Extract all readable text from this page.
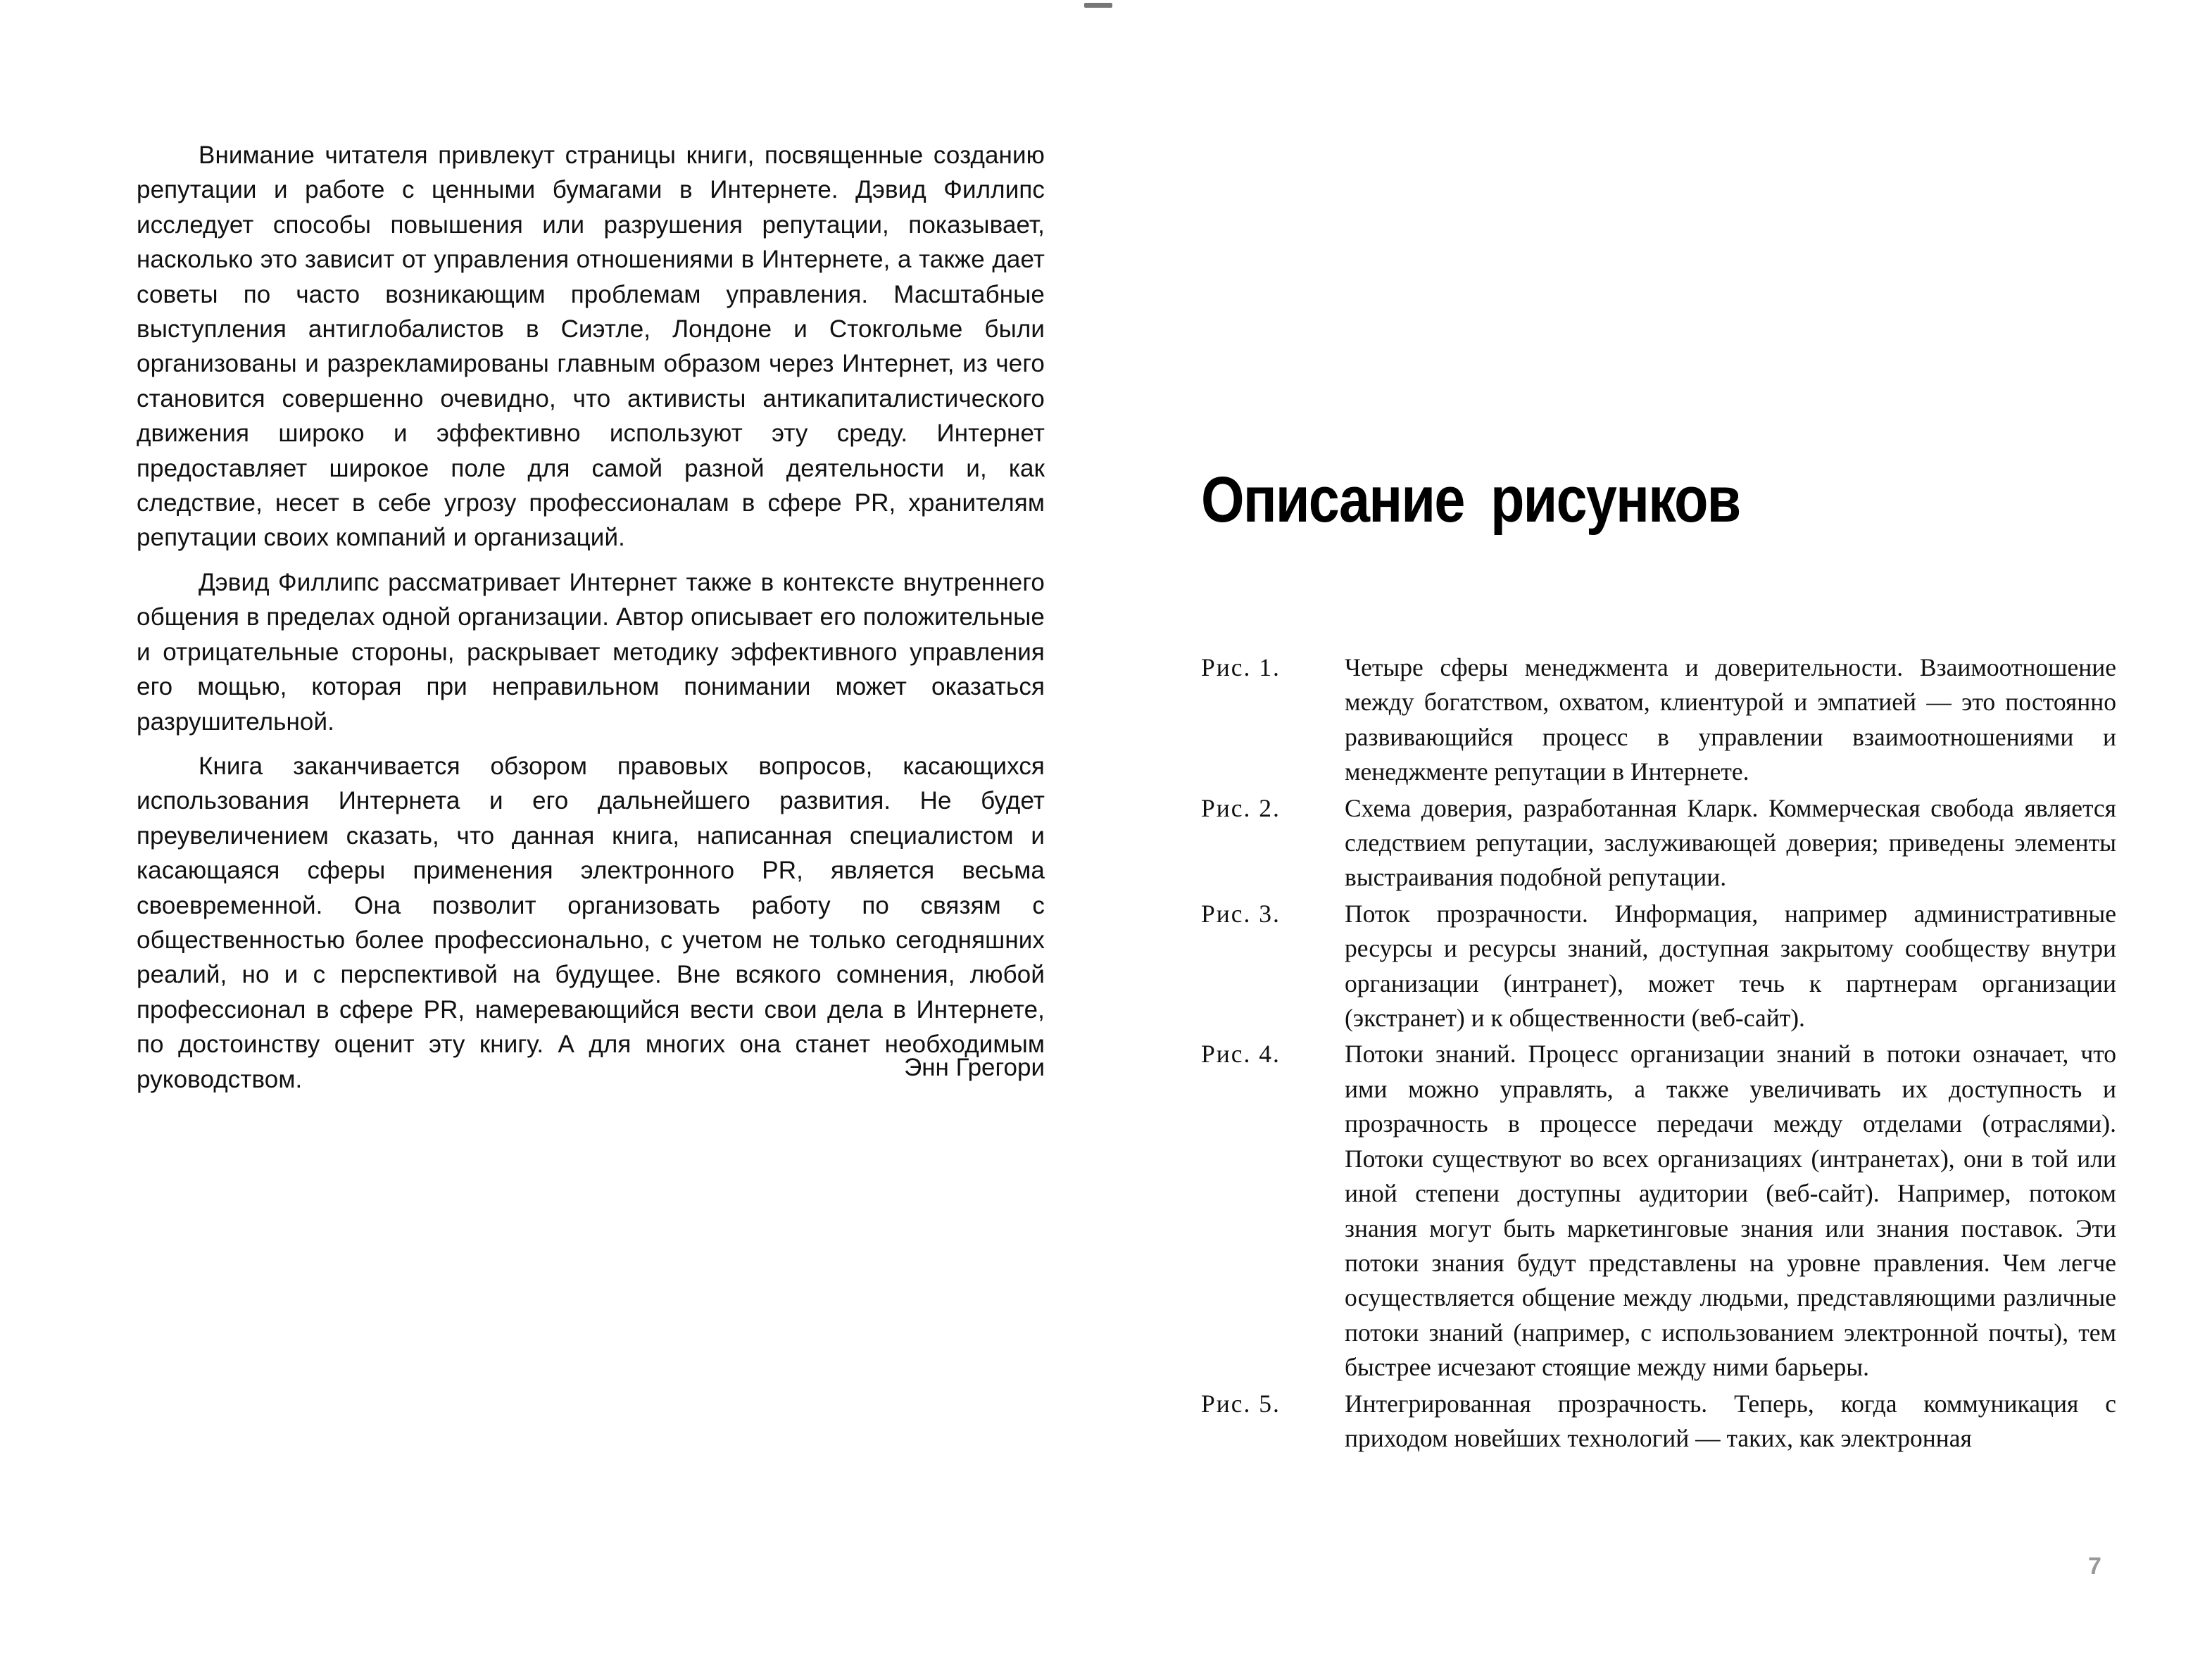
Внимание читателя привлекут страницы книги, посвященные созданию репутации и работе с ценными бумагами в Интернете. Дэвид Филлипс исследует способы повышения или разрушения репутации, показывает, насколько это зависит от управления отношениями в Интернете, а также дает советы по часто возникающим проблемам управления. Масштабные выступления антиглобалистов в Сиэтле, Лондоне и Стокгольме были организованы и разрекламированы главным образом через Интернет, из чего становится совершенно очевидно, что активисты антикапиталистического движения широко и эффективно используют эту среду. Интернет предоставляет широкое поле для самой разной деятельности и, как следствие, несет в себе угрозу профессионалам в сфере PR, хранителям репутации своих компаний и организаций.

Дэвид Филлипс рассматривает Интернет также в контексте внутреннего общения в пределах одной организации. Автор описывает его положительные и отрицательные стороны, раскрывает методику эффективного управления его мощью, которая при неправильном понимании может оказаться разрушительной.

Книга заканчивается обзором правовых вопросов, касающихся использования Интернета и его дальнейшего развития. Не будет преувеличением сказать, что данная книга, написанная специалистом и касающаяся сферы применения электронного PR, является весьма своевременной. Она позволит организовать работу по связям с общественностью более профессионально, с учетом не только сегодняшних реалий, но и с перспективой на будущее. Вне всякого сомнения, любой профессионал в сфере PR, намеревающийся вести свои дела в Интернете, по достоинству оценит эту книгу. А для многих она станет необходимым руководством.	Энн Грегори
Описание рисунков
Рис. 1.	Четыре сферы менеджмента и доверительности. Взаимоотношение между богатством, охватом, клиентурой и эмпатией — это постоянно развивающийся процесс в управлении взаимоотношениями и менеджменте репутации в Интернете.
Рис. 2.	Схема доверия, разработанная Кларк. Коммерческая свобода является следствием репутации, заслуживающей доверия; приведены элементы выстраивания подобной репутации.
Рис. 3.	Поток прозрачности. Информация, например административные ресурсы и ресурсы знаний, доступная закрытому сообществу внутри организации (интранет), может течь к партнерам организации (экстранет) и к общественности (веб-сайт).
Рис. 4.	Потоки знаний. Процесс организации знаний в потоки означает, что ими можно управлять, а также увеличивать их доступность и прозрачность в процессе передачи между отделами (отраслями). Потоки существуют во всех организациях (интранетах), они в той или иной степени доступны аудитории (веб-сайт). Например, потоком знания могут быть маркетинговые знания или знания поставок. Эти потоки знания будут представлены на уровне правления. Чем легче осуществляется общение между людьми, представляющими различные потоки знаний (например, с использованием электронной почты), тем быстрее исчезают стоящие между ними барьеры.
Рис. 5.	Интегрированная прозрачность. Теперь, когда коммуникация с приходом новейших технологий — таких, как электронная
7
